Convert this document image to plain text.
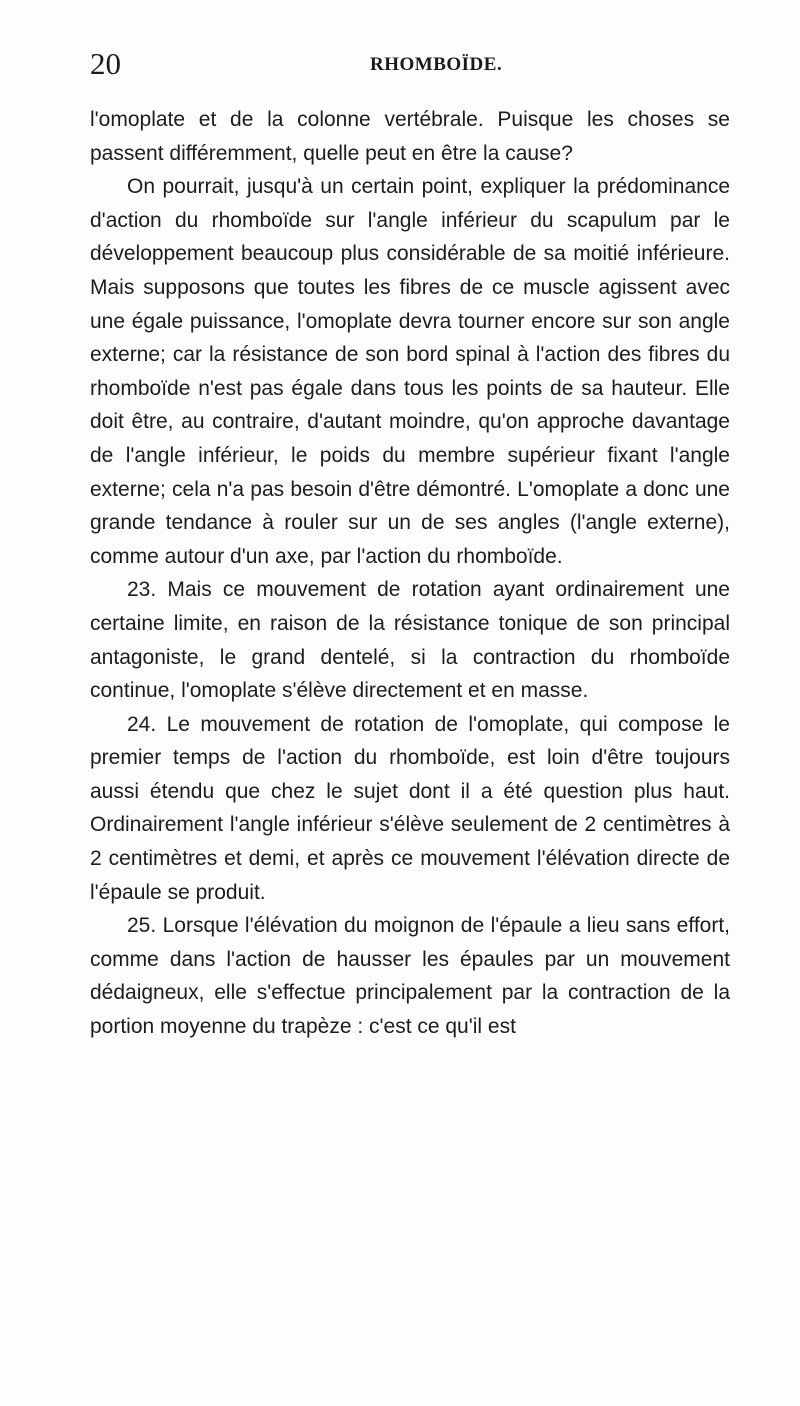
20	RHOMBOÏDE.

l'omoplate et de la colonne vertébrale. Puisque les choses se passent différemment, quelle peut en être la cause?

On pourrait, jusqu'à un certain point, expliquer la prédominance d'action du rhomboïde sur l'angle inférieur du scapulum par le développement beaucoup plus considérable de sa moitié inférieure. Mais supposons que toutes les fibres de ce muscle agissent avec une égale puissance, l'omoplate devra tourner encore sur son angle externe; car la résistance de son bord spinal à l'action des fibres du rhomboïde n'est pas égale dans tous les points de sa hauteur. Elle doit être, au contraire, d'autant moindre, qu'on approche davantage de l'angle inférieur, le poids du membre supérieur fixant l'angle externe; cela n'a pas besoin d'être démontré. L'omoplate a donc une grande tendance à rouler sur un de ses angles (l'angle externe), comme autour d'un axe, par l'action du rhomboïde.

23. Mais ce mouvement de rotation ayant ordinairement une certaine limite, en raison de la résistance tonique de son principal antagoniste, le grand dentelé, si la contraction du rhomboïde continue, l'omoplate s'élève directement et en masse.

24. Le mouvement de rotation de l'omoplate, qui compose le premier temps de l'action du rhomboïde, est loin d'être toujours aussi étendu que chez le sujet dont il a été question plus haut. Ordinairement l'angle inférieur s'élève seulement de 2 centimètres à 2 centimètres et demi, et après ce mouvement l'élévation directe de l'épaule se produit.

25. Lorsque l'élévation du moignon de l'épaule a lieu sans effort, comme dans l'action de hausser les épaules par un mouvement dédaigneux, elle s'effectue principalement par la contraction de la portion moyenne du trapèze : c'est ce qu'il est
